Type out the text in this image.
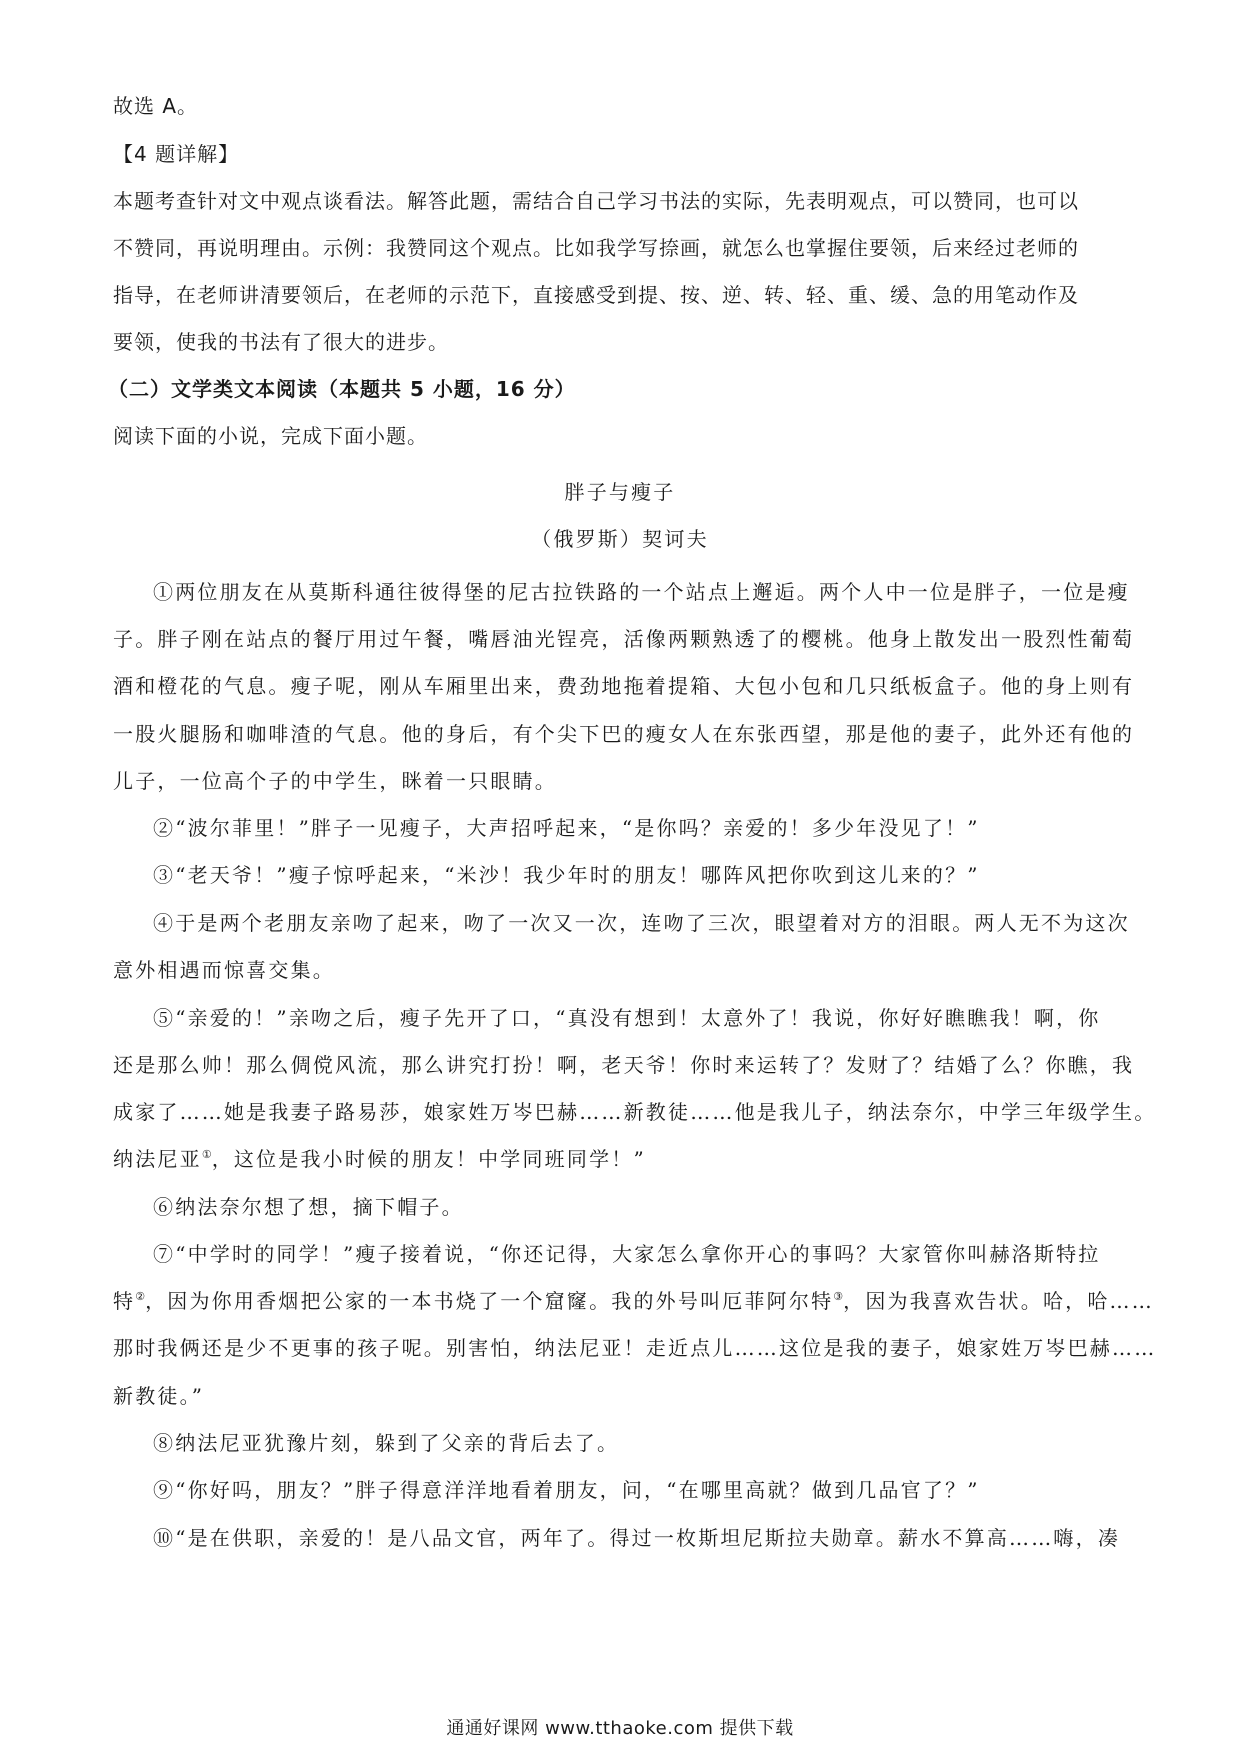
故选 A。
【4 题详解】
本题考查针对文中观点谈看法。解答此题，需结合自己学习书法的实际，先表明观点，可以赞同，也可以
不赞同，再说明理由。示例：我赞同这个观点。比如我学写捺画，就怎么也掌握住要领，后来经过老师的
指导，在老师讲清要领后，在老师的示范下，直接感受到提、按、逆、转、轻、重、缓、急的用笔动作及
要领，使我的书法有了很大的进步。
（二）文学类文本阅读（本题共 5 小题，16 分）
阅读下面的小说，完成下面小题。
胖子与瘦子
（俄罗斯）契诃夫
①两位朋友在从莫斯科通往彼得堡的尼古拉铁路的一个站点上邂逅。两个人中一位是胖子，一位是瘦
子。胖子刚在站点的餐厅用过午餐，嘴唇油光锃亮，活像两颗熟透了的樱桃。他身上散发出一股烈性葡萄
酒和橙花的气息。瘦子呢，刚从车厢里出来，费劲地拖着提箱、大包小包和几只纸板盒子。他的身上则有
一股火腿肠和咖啡渣的气息。他的身后，有个尖下巴的瘦女人在东张西望，那是他的妻子，此外还有他的
儿子，一位高个子的中学生，眯着一只眼睛。
②“波尔菲里！”胖子一见瘦子，大声招呼起来，“是你吗？亲爱的！多少年没见了！”
③“老天爷！”瘦子惊呼起来，“米沙！我少年时的朋友！哪阵风把你吹到这儿来的？”
④于是两个老朋友亲吻了起来，吻了一次又一次，连吻了三次，眼望着对方的泪眼。两人无不为这次
意外相遇而惊喜交集。
⑤“亲爱的！”亲吻之后，瘦子先开了口，“真没有想到！太意外了！我说，你好好瞧瞧我！啊，你
还是那么帅！那么倜傥风流，那么讲究打扮！啊，老天爷！你时来运转了？发财了？结婚了么？你瞧，我
成家了……她是我妻子路易莎，娘家姓万岑巴赫……新教徒……他是我儿子，纳法奈尔，中学三年级学生。
纳法尼亚①，这位是我小时候的朋友！中学同班同学！”
⑥纳法奈尔想了想，摘下帽子。
⑦“中学时的同学！”瘦子接着说，“你还记得，大家怎么拿你开心的事吗？大家管你叫赫洛斯特拉
特②，因为你用香烟把公家的一本书烧了一个窟窿。我的外号叫厄菲阿尔特③，因为我喜欢告状。哈，哈……
那时我俩还是少不更事的孩子呢。别害怕，纳法尼亚！走近点儿……这位是我的妻子，娘家姓万岑巴赫……
新教徒。”
⑧纳法尼亚犹豫片刻，躲到了父亲的背后去了。
⑨“你好吗，朋友？”胖子得意洋洋地看着朋友，问，“在哪里高就？做到几品官了？”
⑩“是在供职，亲爱的！是八品文官，两年了。得过一枚斯坦尼斯拉夫勋章。薪水不算高……嗨，凑
通通好课网 www.tthaoke.com 提供下载
